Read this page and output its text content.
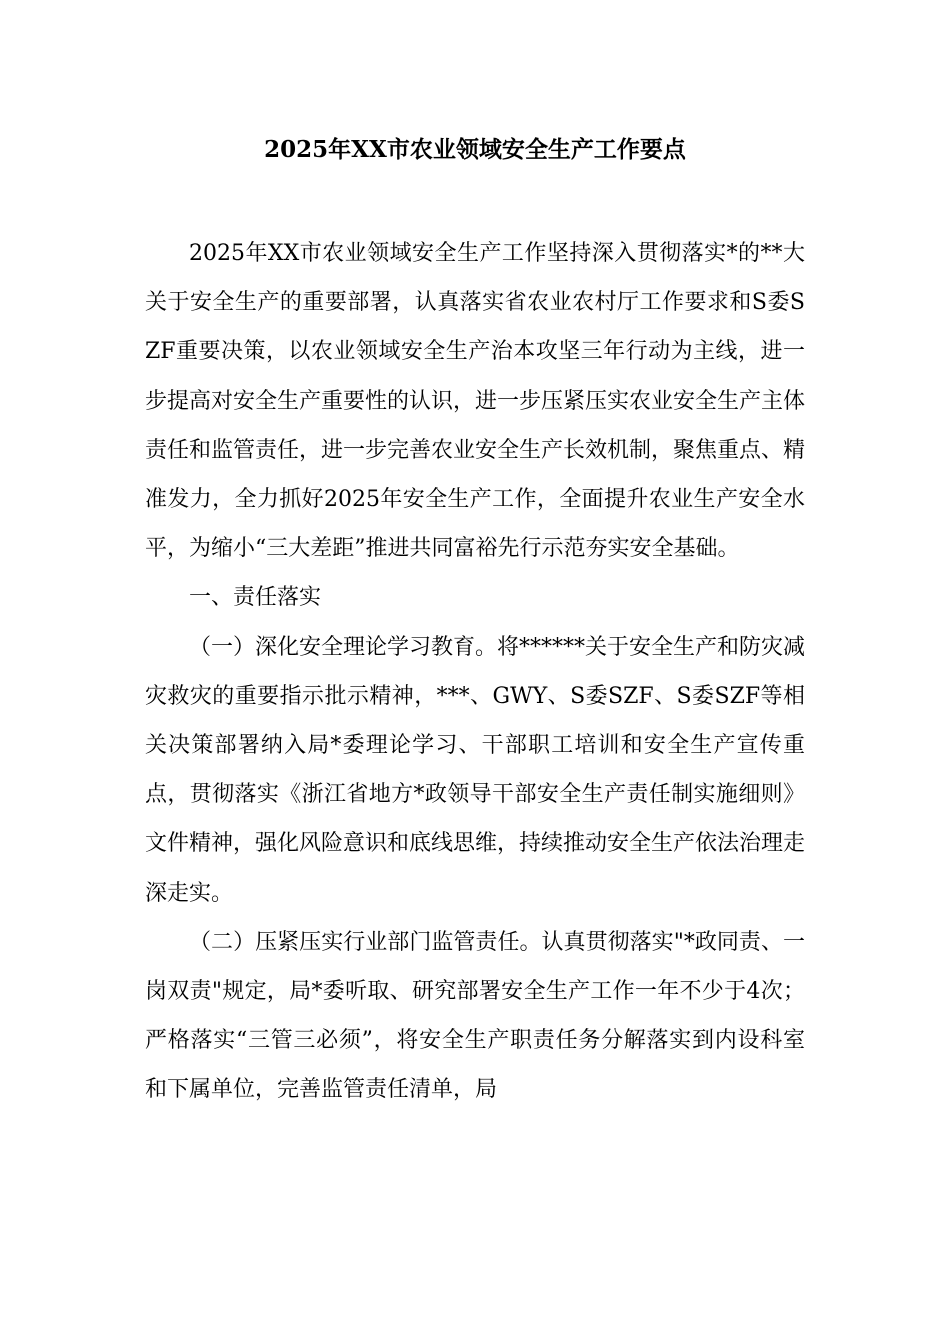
2025年XX市农业领域安全生产工作要点

2025年XX市农业领域安全生产工作坚持深入贯彻落实*的**大关于安全生产的重要部署，认真落实省农业农村厅工作要求和S委SZF重要决策，以农业领域安全生产治本攻坚三年行动为主线，进一步提高对安全生产重要性的认识，进一步压紧压实农业安全生产主体责任和监管责任，进一步完善农业安全生产长效机制，聚焦重点、精准发力，全力抓好2025年安全生产工作，全面提升农业生产安全水平，为缩小“三大差距”推进共同富裕先行示范夯实安全基础。

一、责任落实

（一）深化安全理论学习教育。将******关于安全生产和防灾减灾救灾的重要指示批示精神，***、GWY、S委SZF、S委SZF等相关决策部署纳入局*委理论学习、干部职工培训和安全生产宣传重点，贯彻落实《浙江省地方*政领导干部安全生产责任制实施细则》文件精神，强化风险意识和底线思维，持续推动安全生产依法治理走深走实。

（二）压紧压实行业部门监管责任。认真贯彻落实"*政同责、一岗双责"规定，局*委听取、研究部署安全生产工作一年不少于4次；严格落实“三管三必须”，将安全生产职责任务分解落实到内设科室和下属单位，完善监管责任清单，局
